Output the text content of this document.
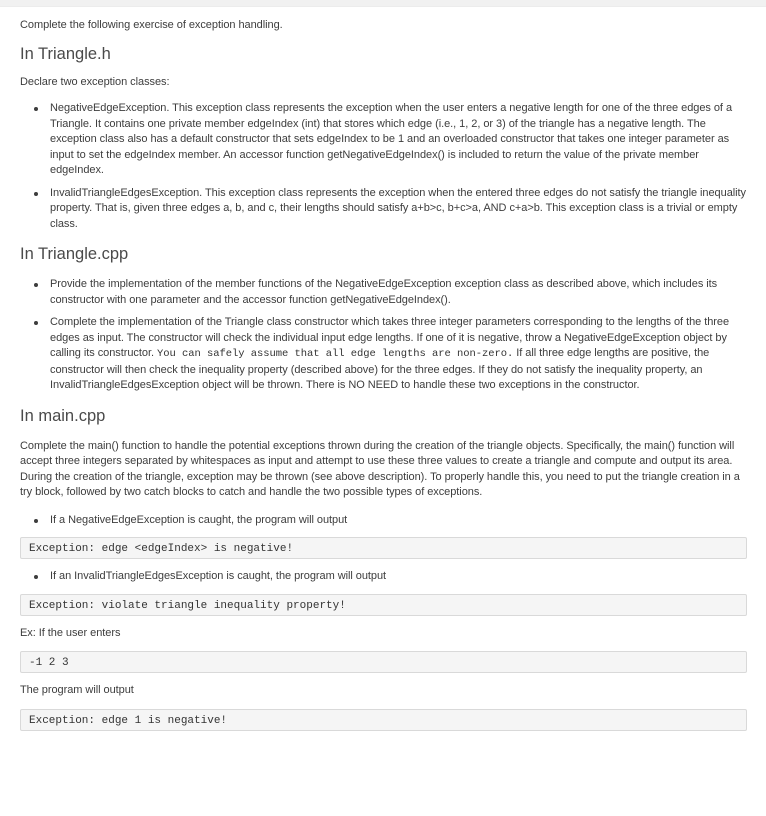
Complete the following exercise of exception handling.

In Triangle.h

Declare two exception classes:

NegativeEdgeException. This exception class represents the exception when the user enters a negative length for one of the three edges of a Triangle. It contains one private member edgeIndex (int) that stores which edge (i.e., 1, 2, or 3) of the triangle has a negative length. The exception class also has a default constructor that sets edgeIndex to be 1 and an overloaded constructor that takes one integer parameter as input to set the edgeIndex member. An accessor function getNegativeEdgeIndex() is included to return the value of the private member edgeIndex.
InvalidTriangleEdgesException. This exception class represents the exception when the entered three edges do not satisfy the triangle inequality property. That is, given three edges a, b, and c, their lengths should satisfy a+b>c, b+c>a, AND c+a>b. This exception class is a trivial or empty class.
In Triangle.cpp
Provide the implementation of the member functions of the NegativeEdgeException exception class as described above, which includes its constructor with one parameter and the accessor function getNegativeEdgeIndex().
Complete the implementation of the Triangle class constructor which takes three integer parameters corresponding to the lengths of the three edges as input. The constructor will check the individual input edge lengths. If one of it is negative, throw a NegativeEdgeException object by calling its constructor. You can safely assume that all edge lengths are non-zero. If all three edge lengths are positive, the constructor will then check the inequality property (described above) for the three edges. If they do not satisfy the inequality property, an InvalidTriangleEdgesException object will be thrown. There is NO NEED to handle these two exceptions in the constructor.
In main.cpp

Complete the main() function to handle the potential exceptions thrown during the creation of the triangle objects. Specifically, the main() function will accept three integers separated by whitespaces as input and attempt to use these three values to create a triangle and compute and output its area. During the creation of the triangle, exception may be thrown (see above description). To properly handle this, you need to put the triangle creation in a try block, followed by two catch blocks to catch and handle the two possible types of exceptions.

If a NegativeEdgeException is caught, the program will output
Exception: edge <edgeIndex> is negative!
If an InvalidTriangleEdgesException is caught, the program will output
Exception: violate triangle inequality property!

Ex: If the user enters

-1 2 3

The program will output

Exception: edge 1 is negative!
